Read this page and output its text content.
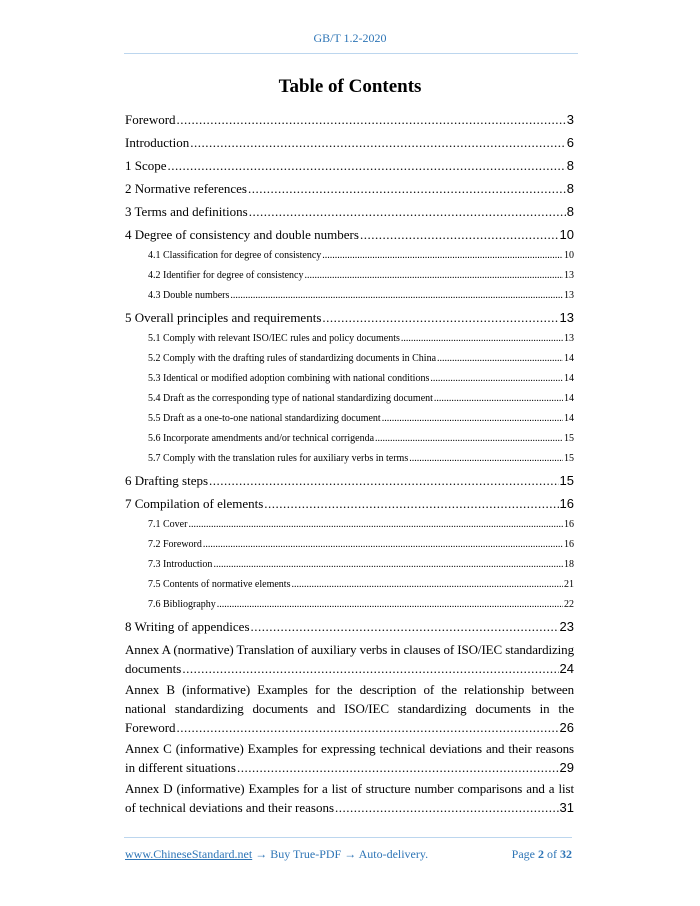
GB/T 1.2-2020
Table of Contents
Foreword .....	3
Introduction .....	6
1 Scope .....	8
2 Normative references .....	8
3 Terms and definitions .....	8
4 Degree of consistency and double numbers .....	10
4.1 Classification for degree of consistency .....	10
4.2 Identifier for degree of consistency .....	13
4.3 Double numbers .....	13
5 Overall principles and requirements .....	13
5.1 Comply with relevant ISO/IEC rules and policy documents .....	13
5.2 Comply with the drafting rules of standardizing documents in China .....	14
5.3 Identical or modified adoption combining with national conditions .....	14
5.4 Draft as the corresponding type of national standardizing document .....	14
5.5 Draft as a one-to-one national standardizing document .....	14
5.6 Incorporate amendments and/or technical corrigenda .....	15
5.7 Comply with the translation rules for auxiliary verbs in terms .....	15
6 Drafting steps .....	15
7 Compilation of elements .....	16
7.1 Cover .....	16
7.2 Foreword .....	16
7.3 Introduction .....	18
7.5 Contents of normative elements .....	21
7.6 Bibliography .....	22
8 Writing of appendices .....	23
Annex A (normative) Translation of auxiliary verbs in clauses of ISO/IEC standardizing
documents .....	24
Annex B (informative) Examples for the description of the relationship between
national standardizing documents and ISO/IEC standardizing documents in the
Foreword .....	26
Annex C (informative) Examples for expressing technical deviations and their reasons
in different situations .....	29
Annex D (informative) Examples for a list of structure number comparisons and a list
of technical deviations and their reasons .....	31
www.ChineseStandard.net → Buy True-PDF → Auto-delivery.	Page 2 of 32
